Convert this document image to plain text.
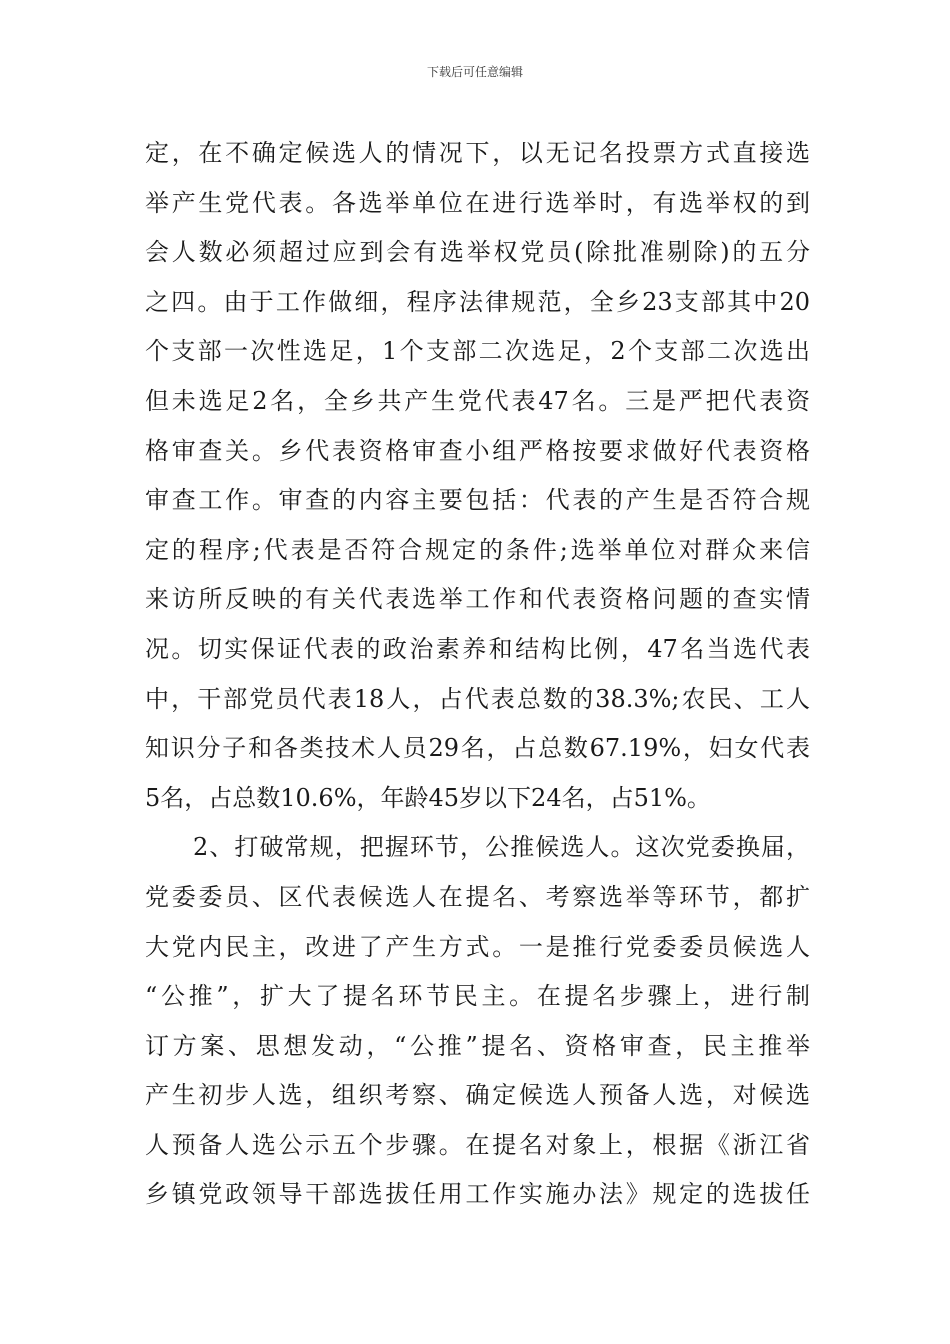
下载后可任意编辑
定，在不确定候选人的情况下，以无记名投票方式直接选
举产生党代表。各选举单位在进行选举时，有选举权的到
会人数必须超过应到会有选举权党员(除批准剔除)的五分
之四。由于工作做细，程序法律规范，全乡23支部其中20
个支部一次性选足，1个支部二次选足，2个支部二次选出
但未选足2名，全乡共产生党代表47名。三是严把代表资
格审查关。乡代表资格审查小组严格按要求做好代表资格
审查工作。审查的内容主要包括：代表的产生是否符合规
定的程序;代表是否符合规定的条件;选举单位对群众来信
来访所反映的有关代表选举工作和代表资格问题的查实情
况。切实保证代表的政治素养和结构比例，47名当选代表
中，干部党员代表18人，占代表总数的38.3%;农民、工人
知识分子和各类技术人员29名，占总数67.19%，妇女代表
5名，占总数10.6%，年龄45岁以下24名，占51%。
2、打破常规，把握环节，公推候选人。这次党委换届，
党委委员、区代表候选人在提名、考察选举等环节，都扩
大党内民主，改进了产生方式。一是推行党委委员候选人
“公推”，扩大了提名环节民主。在提名步骤上，进行制
订方案、思想发动，“公推”提名、资格审查，民主推举
产生初步人选，组织考察、确定候选人预备人选，对候选
人预备人选公示五个步骤。在提名对象上，根据《浙江省
乡镇党政领导干部选拔任用工作实施办法》规定的选拔任
